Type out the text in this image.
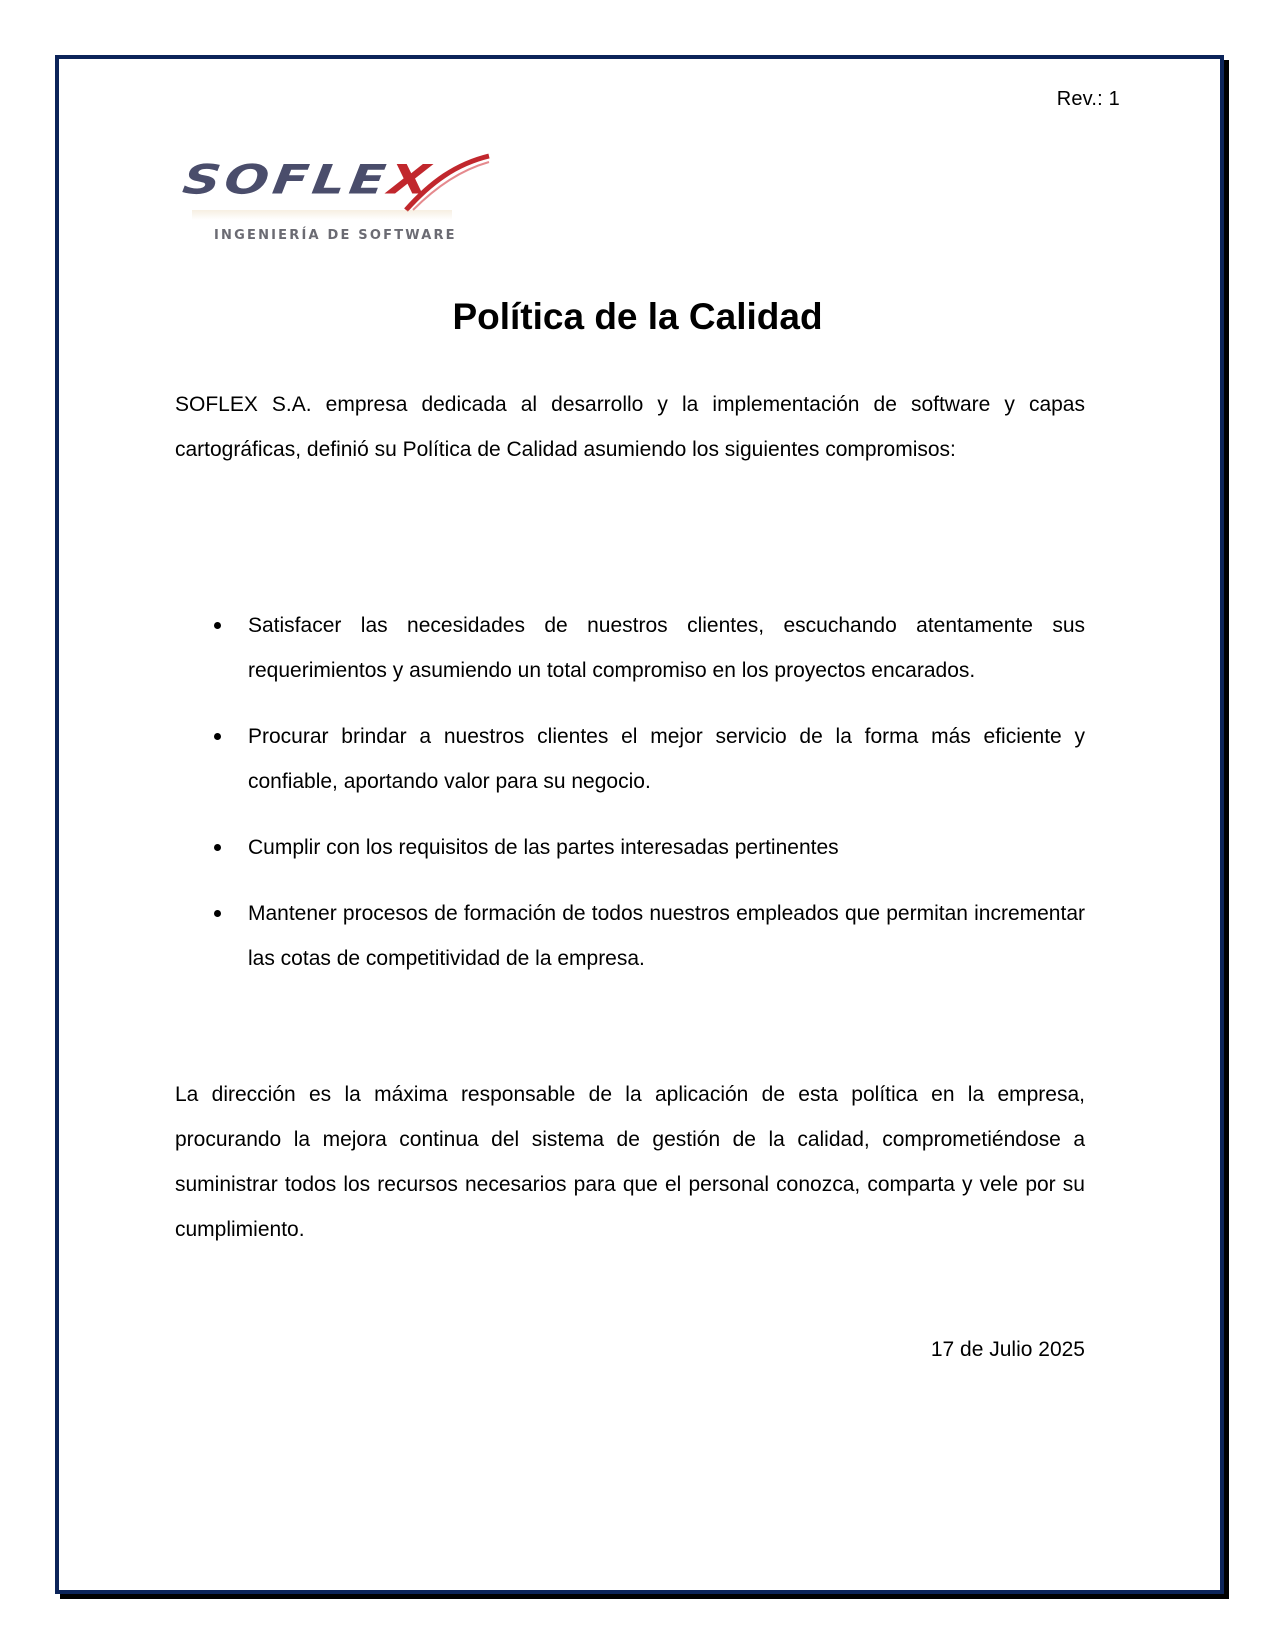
Rev.: 1
SOFLEX
INGENIERÍA DE SOFTWARE
Política de la Calidad

SOFLEX S.A. empresa dedicada al desarrollo y la implementación de software y capas cartográficas, definió su Política de Calidad asumiendo los siguientes compromisos:

Satisfacer las necesidades de nuestros clientes, escuchando atentamente sus requerimientos y asumiendo un total compromiso en los proyectos encarados.
Procurar brindar a nuestros clientes el mejor servicio de la forma más eficiente y confiable, aportando valor para su negocio.
Cumplir con los requisitos de las partes interesadas pertinentes
Mantener procesos de formación de todos nuestros empleados que permitan incrementar las cotas de competitividad de la empresa.

La dirección es la máxima responsable de la aplicación de esta política en la empresa, procurando la mejora continua del sistema de gestión de la calidad, comprometiéndose a suministrar todos los recursos necesarios para que el personal conozca, comparta y vele por su cumplimiento.

17 de Julio 2025
